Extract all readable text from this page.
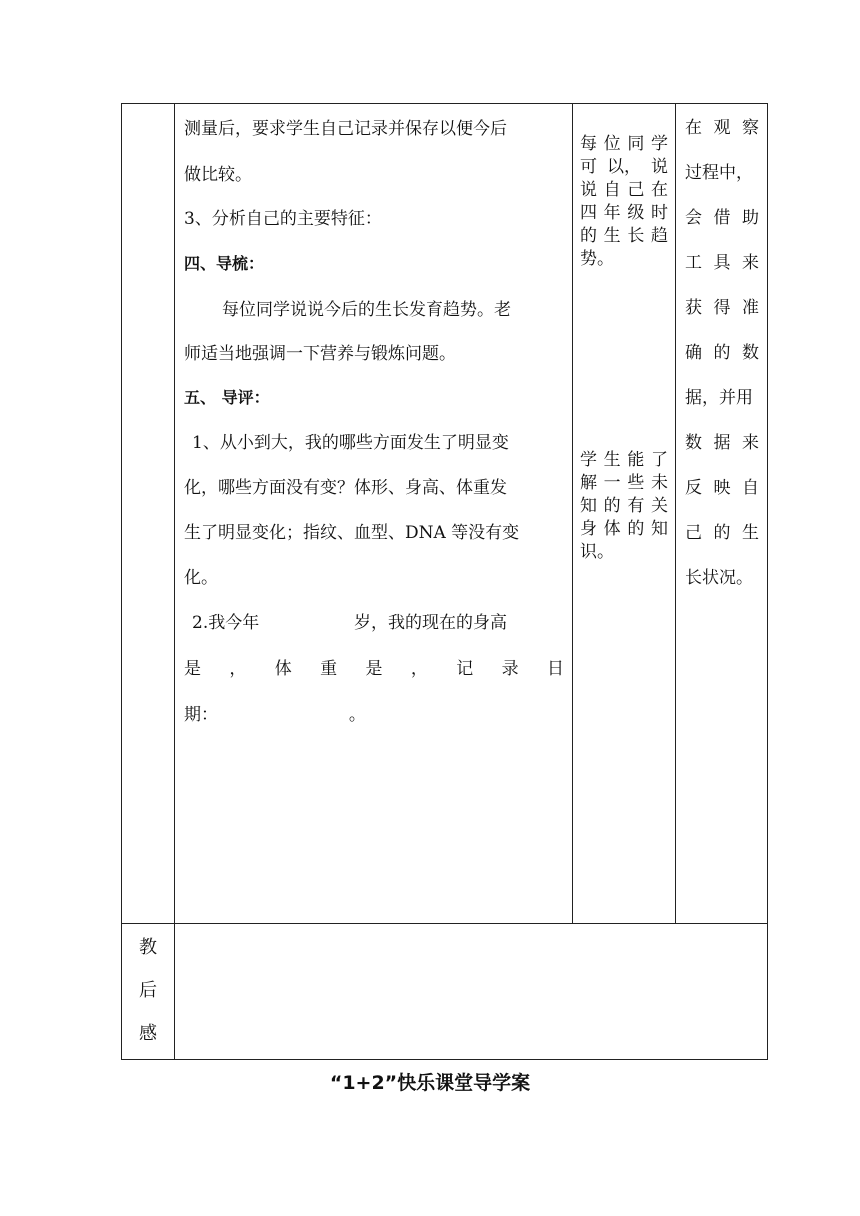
测量后，要求学生自己记录并保存以便今后
做比较。
3、分析自己的主要特征：
四、导梳：
每位同学说说今后的生长发育趋势。老
师适当地强调一下营养与锻炼问题。
五、 导评：
1、从小到大，我的哪些方面发生了明显变
化，哪些方面没有变？体形、身高、体重发
生了明显变化；指纹、血型、DNA 等没有变
化。
2.我今年	岁，我的现在的身高
是 ， 体 重 是 ， 记 录 日
期：	。
每 位 同 学
可 以， 说
说 自 己 在
四 年 级 时
的 生 长 趋
势。
学 生 能 了
解 一 些 未
知 的 有 关
身 体 的 知
识。
在 观 察
过程中，
会 借 助
工 具 来
获 得 准
确 的 数
据，并用
数 据 来
反 映 自
己 的 生
长状况。
教
后
感
“1+2”快乐课堂导学案
